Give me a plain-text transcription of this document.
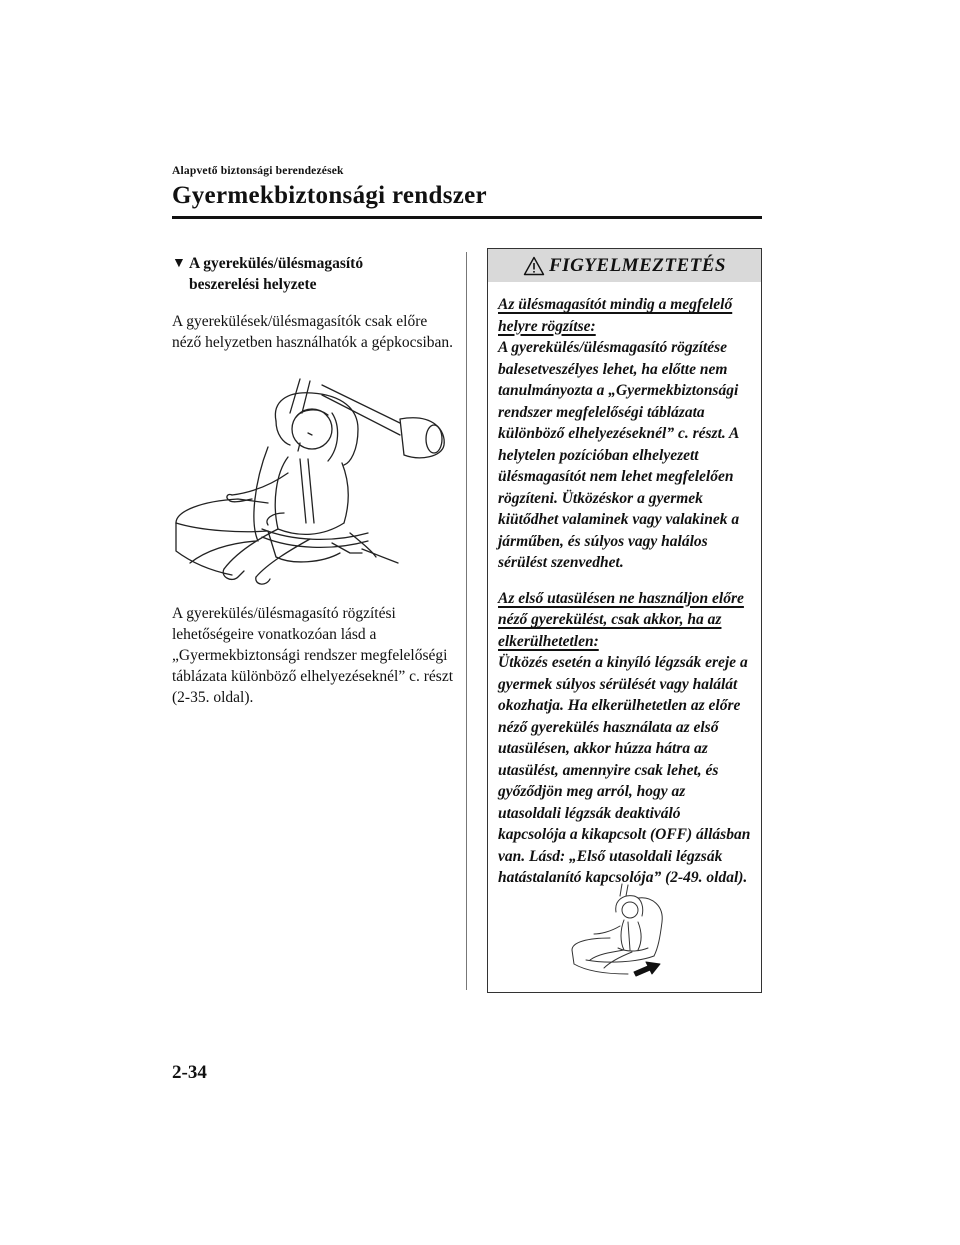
Alapvető biztonsági berendezések
Gyermekbiztonsági rendszer
▼ A gyerekülés/ülésmagasító
beszerelési helyzete

A gyerekülések/ülésmagasítók csak előre néző helyzetben használhatók a gépkocsiban.

A gyerekülés/ülésmagasító rögzítési lehetőségeire vonatkozóan lásd a „Gyermekbiztonsági rendszer megfelelőségi táblázata különböző elhelyezéseknél” c. részt (2-35. oldal).

FIGYELMEZTETÉS
Az ülésmagasítót mindig a megfelelő helyre rögzítse:
A gyerekülés/ülésmagasító rögzítése balesetveszélyes lehet, ha előtte nem tanulmányozta a „Gyermekbiztonsági rendszer megfelelőségi táblázata különböző elhelyezéseknél” c. részt. A helytelen pozícióban elhelyezett ülésmagasítót nem lehet megfelelően rögzíteni. Ütközéskor a gyermek kiütődhet valaminek vagy valakinek a járműben, és súlyos vagy halálos sérülést szenvedhet.
Az első utasülésen ne használjon előre néző gyerekülést, csak akkor, ha az elkerülhetetlen:
Ütközés esetén a kinyíló légzsák ereje a gyermek súlyos sérülését vagy halálát okozhatja. Ha elkerülhetetlen az előre néző gyerekülés használata az első utasülésen, akkor húzza hátra az utasülést, amennyire csak lehet, és győződjön meg arról, hogy az utasoldali légzsák deaktiváló kapcsolója a kikapcsolt (OFF) állásban van. Lásd: „Első utasoldali légzsák hatástalanító kapcsolója” (2-49. oldal).
2-34
